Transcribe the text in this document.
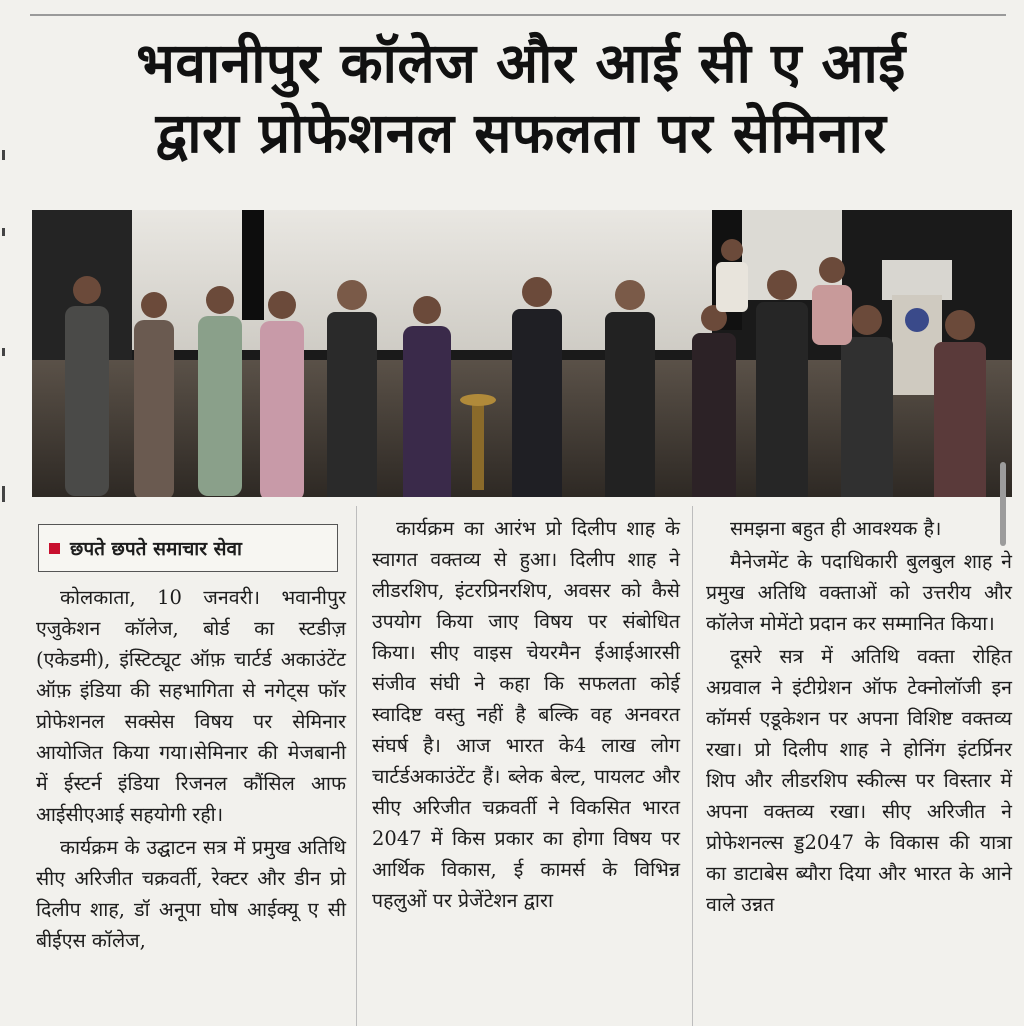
भवानीपुर कॉलेज और आई सी ए आई
द्वारा प्रोफेशनल सफलता पर सेमिनार
छपते छपते समाचार सेवा

कोलकाता, 10 जनवरी। भवानीपुर एजुकेशन कॉलेज, बोर्ड का स्टडीज़ (एकेडमी), इंस्टिट्यूट ऑफ़ चार्टर्ड अकाउंटेंट ऑफ़ इंडिया की सहभागिता से नगेट्स फॉर प्रोफेशनल सक्सेस विषय पर सेमिनार आयोजित किया गया।सेमिनार की मेजबानी में ईस्टर्न इंडिया रिजनल कौंसिल आफ आईसीएआई सहयोगी रही।

कार्यक्रम के उद्घाटन सत्र में प्रमुख अतिथि सीए अरिजीत चक्रवर्ती, रेक्टर और डीन प्रो दिलीप शाह, डॉ अनूपा घोष आईक्यू ए सी बीईएस कॉलेज,

कार्यक्रम का आरंभ प्रो दिलीप शाह के स्वागत वक्तव्य से हुआ। दिलीप शाह ने लीडरशिप, इंटरप्रिनरशिप, अवसर को कैसे उपयोग किया जाए विषय पर संबोधित किया। सीए वाइस चेयरमैन ईआईआरसी संजीव संघी ने कहा कि सफलता कोई स्वादिष्ट वस्तु नहीं है बल्कि वह अनवरत संघर्ष है। आज भारत के4 लाख लोग चार्टर्डअकाउंटेंट हैं। ब्लेक बेल्ट, पायलट और सीए अरिजीत चक्रवर्ती ने विकसित भारत 2047 में किस प्रकार का होगा विषय पर आर्थिक विकास, ई कामर्स के विभिन्न पहलुओं पर प्रेजेंटेशन द्वारा

समझना बहुत ही आवश्यक है।

मैनेजमेंट के पदाधिकारी बुलबुल शाह ने प्रमुख अतिथि वक्ताओं को उत्तरीय और कॉलेज मोमेंटो प्रदान कर सम्मानित किया।

दूसरे सत्र में अतिथि वक्ता रोहित अग्रवाल ने इंटीग्रेशन ऑफ टेक्नोलॉजी इन कॉमर्स एडूकेशन पर अपना विशिष्ट वक्तव्य रखा। प्रो दिलीप शाह ने होनिंग इंटर्प्रिनर शिप और लीडरशिप स्कील्स पर विस्तार में अपना वक्तव्य रखा। सीए अरिजीत ने प्रोफेशनल्स ड्ड2047 के विकास की यात्रा का डाटाबेस ब्यौरा दिया और भारत के आने वाले उन्नत
